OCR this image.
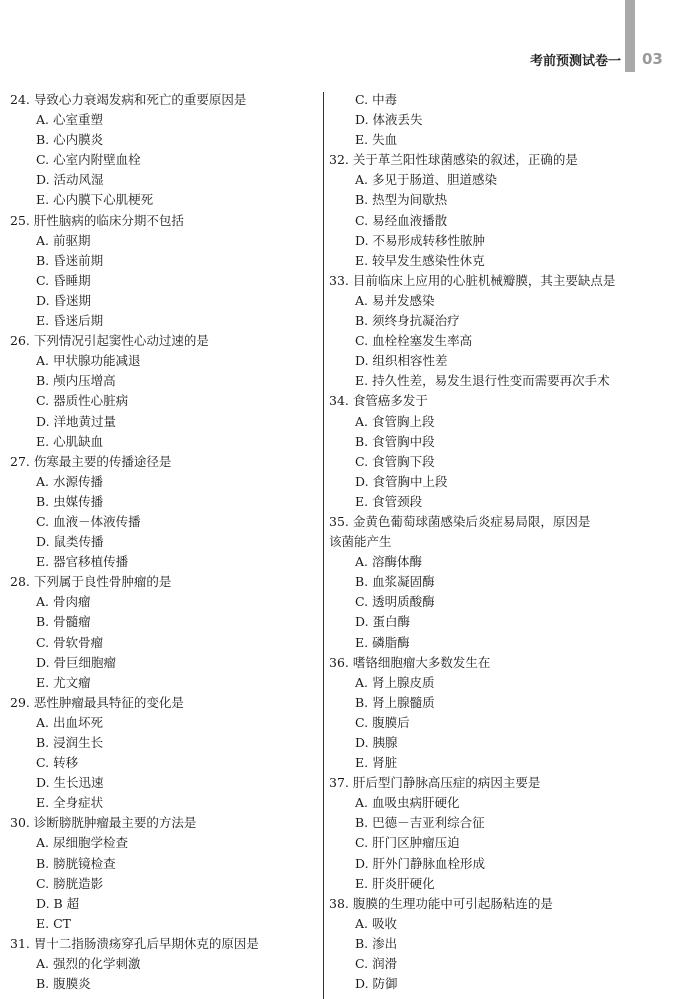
考前预测试卷一 03
24. 导致心力衰竭发病和死亡的重要原因是
A. 心室重塑
B. 心内膜炎
C. 心室内附壁血栓
D. 活动风湿
E. 心内膜下心肌梗死
25. 肝性脑病的临床分期不包括
A. 前驱期
B. 昏迷前期
C. 昏睡期
D. 昏迷期
E. 昏迷后期
26. 下列情况引起窦性心动过速的是
A. 甲状腺功能减退
B. 颅内压增高
C. 器质性心脏病
D. 洋地黄过量
E. 心肌缺血
27. 伤寒最主要的传播途径是
A. 水源传播
B. 虫媒传播
C. 血液－体液传播
D. 鼠类传播
E. 器官移植传播
28. 下列属于良性骨肿瘤的是
A. 骨肉瘤
B. 骨髓瘤
C. 骨软骨瘤
D. 骨巨细胞瘤
E. 尤文瘤
29. 恶性肿瘤最具特征的变化是
A. 出血坏死
B. 浸润生长
C. 转移
D. 生长迅速
E. 全身症状
30. 诊断膀胱肿瘤最主要的方法是
A. 尿细胞学检查
B. 膀胱镜检查
C. 膀胱造影
D. B 超
E. CT
31. 胃十二指肠溃疡穿孔后早期休克的原因是
A. 强烈的化学刺激
B. 腹膜炎
C. 中毒
D. 体液丢失
E. 失血
32. 关于革兰阳性球菌感染的叙述，正确的是
A. 多见于肠道、胆道感染
B. 热型为间歇热
C. 易经血液播散
D. 不易形成转移性脓肿
E. 较早发生感染性休克
33. 目前临床上应用的心脏机械瓣膜，其主要缺点是
A. 易并发感染
B. 须终身抗凝治疗
C. 血栓栓塞发生率高
D. 组织相容性差
E. 持久性差，易发生退行性变而需要再次手术
34. 食管癌多发于
A. 食管胸上段
B. 食管胸中段
C. 食管胸下段
D. 食管胸中上段
E. 食管颈段
35. 金黄色葡萄球菌感染后炎症易局限，原因是
该菌能产生
A. 溶酶体酶
B. 血浆凝固酶
C. 透明质酸酶
D. 蛋白酶
E. 磷脂酶
36. 嗜铬细胞瘤大多数发生在
A. 肾上腺皮质
B. 肾上腺髓质
C. 腹膜后
D. 胰腺
E. 肾脏
37. 肝后型门静脉高压症的病因主要是
A. 血吸虫病肝硬化
B. 巴德－吉亚利综合征
C. 肝门区肿瘤压迫
D. 肝外门静脉血栓形成
E. 肝炎肝硬化
38. 腹膜的生理功能中可引起肠粘连的是
A. 吸收
B. 渗出
C. 润滑
D. 防御
